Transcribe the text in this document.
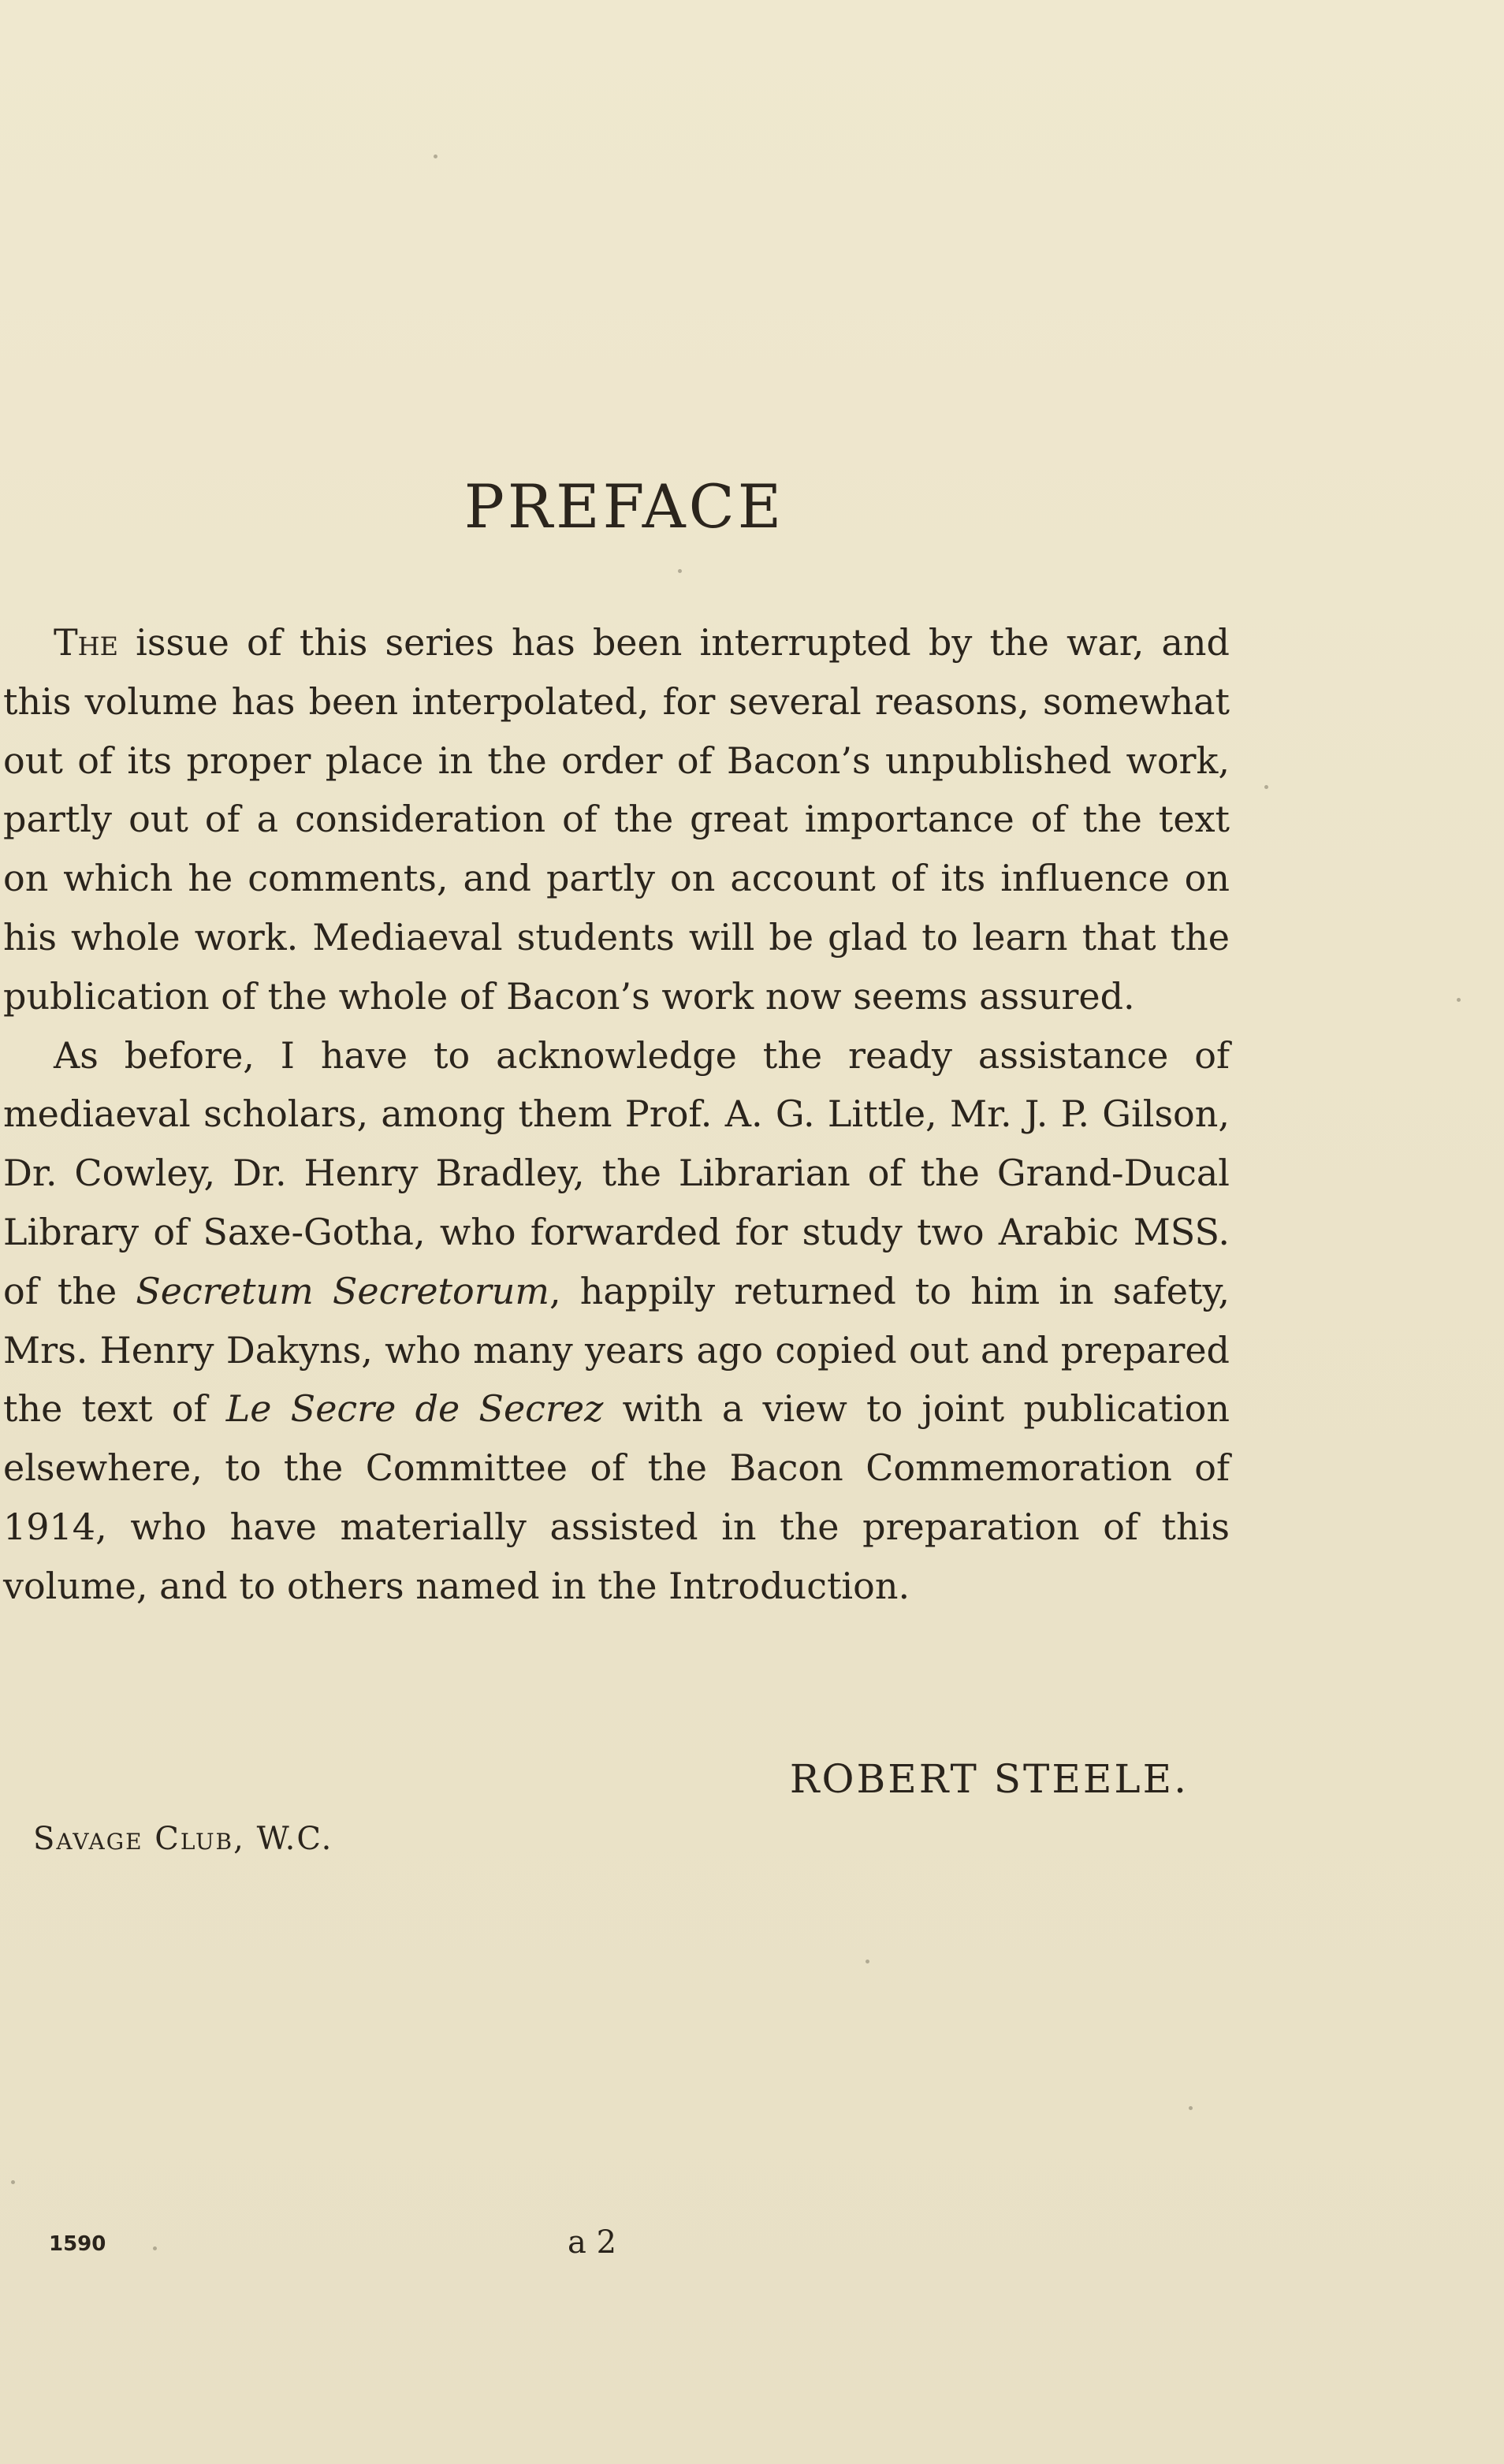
PREFACE

The issue of this series has been interrupted by the war, and this volume has been interpolated, for several reasons, somewhat out of its proper place in the order of Bacon’s unpublished work, partly out of a consideration of the great importance of the text on which he comments, and partly on account of its influence on his whole work. Mediaeval students will be glad to learn that the publication of the whole of Bacon’s work now seems assured.

As before, I have to acknowledge the ready assistance of mediaeval scholars, among them Prof. A. G. Little, Mr. J. P. Gilson, Dr. Cowley, Dr. Henry Bradley, the Librarian of the Grand-Ducal Library of Saxe-Gotha, who forwarded for study two Arabic MSS. of the Secretum Secretorum, happily returned to him in safety, Mrs. Henry Dakyns, who many years ago copied out and prepared the text of Le Secre de Secrez with a view to joint publication elsewhere, to the Committee of the Bacon Commemoration of 1914, who have materially assisted in the preparation of this volume, and to others named in the Introduction.

ROBERT STEELE.
Savage Club, W.C.
1590	a 2
